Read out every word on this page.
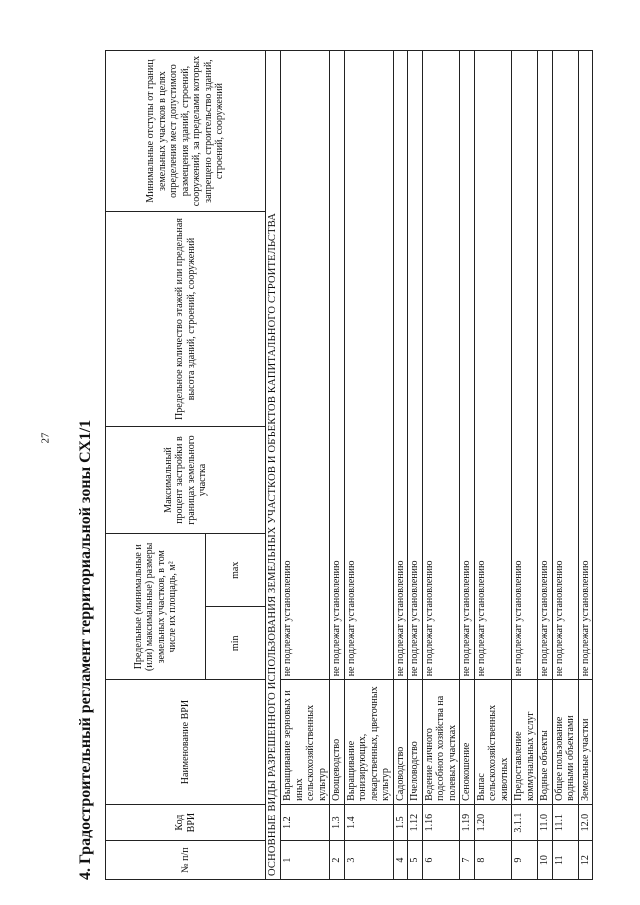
27 4. Градостроительный регламент территориальной зоны СХ1/1	№ п/п	Код ВРИ	Наименование ВРИ	Предельные (минимальные и (или) максимальные) размеры земельных участков, в том числе их площадь, м²		Максимальный процент застройки в границах земельного участка	Предельное количество этажей или предельная высота зданий, строений, сооружений	Минимальные отступы от границ земельных участков в целях определения мест допустимого размещения зданий, строений, сооружений, за пределами которых запрещено строительство зданий, строений, сооружений
			min	max			
ОСНОВНЫЕ ВИДЫ РАЗРЕШЕННОГО ИСПОЛЬЗОВАНИЯ ЗЕМЕЛЬНЫХ УЧАСТКОВ И ОБЪЕКТОВ КАПИТАЛЬНОГО СТРОИТЕЛЬСТВА							
1	1.2	Выращивание зерновых и иных сельскохозяйственных культур	не подлежат установлению				
2	1.3	Овощеводство	не подлежат установлению				
3	1.4	Выращивание тонизирующих, лекарственных, цветочных культур	не подлежат установлению				
4	1.5	Садоводство	не подлежат установлению				
5	1.12	Пчеловодство	не подлежат установлению				
6	1.16	Ведение личного подсобного хозяйства на полевых участках	не подлежат установлению				
7	1.19	Сенокошение	не подлежат установлению				
8	1.20	Выпас сельскохозяйственных животных	не подлежат установлению				
9	3.1.1	Предоставление коммунальных услуг	не подлежат установлению				
10	11.0	Водные объекты	не подлежат установлению				
11	11.1	Общее пользование водными объектами	не подлежат установлению				
12	12.0	Земельные участки	не подлежат установлению				
